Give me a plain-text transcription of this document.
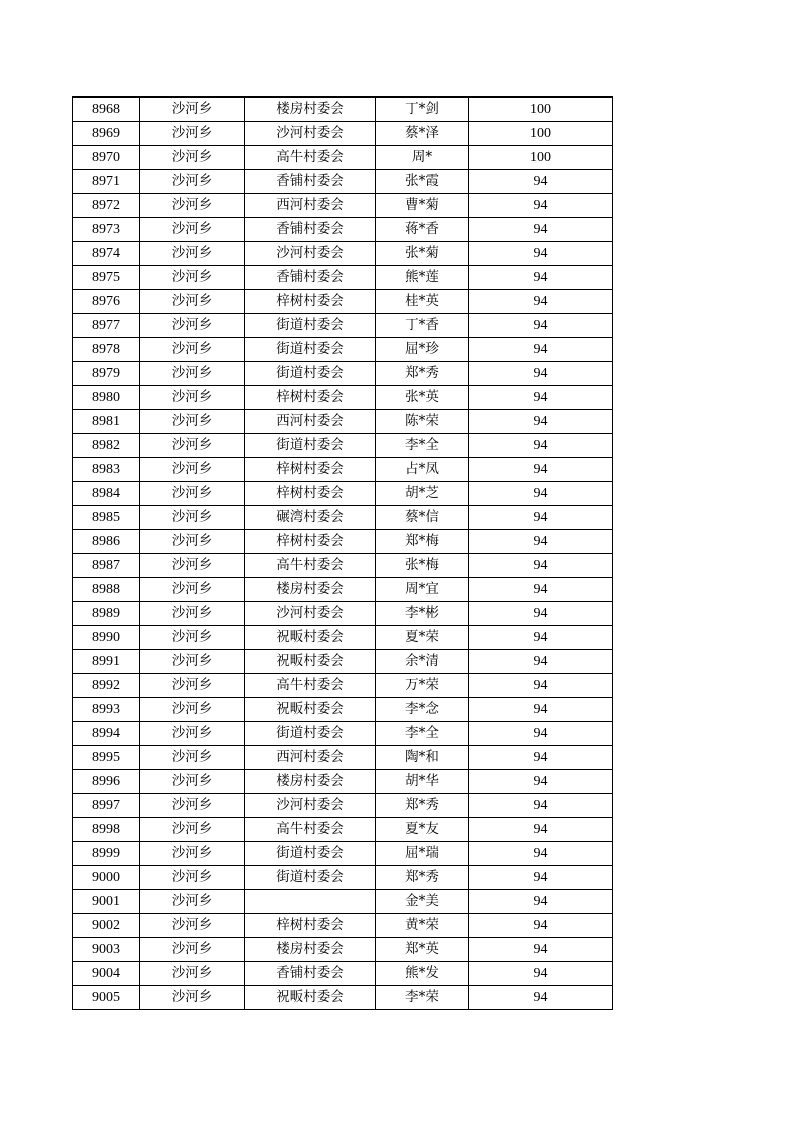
8968	沙河乡	楼房村委会	丁*剑	100
8969	沙河乡	沙河村委会	蔡*泽	100
8970	沙河乡	高牛村委会	周*	100
8971	沙河乡	香铺村委会	张*霞	94
8972	沙河乡	西河村委会	曹*菊	94
8973	沙河乡	香铺村委会	蒋*香	94
8974	沙河乡	沙河村委会	张*菊	94
8975	沙河乡	香铺村委会	熊*莲	94
8976	沙河乡	梓树村委会	桂*英	94
8977	沙河乡	街道村委会	丁*香	94
8978	沙河乡	街道村委会	屈*珍	94
8979	沙河乡	街道村委会	郑*秀	94
8980	沙河乡	梓树村委会	张*英	94
8981	沙河乡	西河村委会	陈*荣	94
8982	沙河乡	街道村委会	李*全	94
8983	沙河乡	梓树村委会	占*凤	94
8984	沙河乡	梓树村委会	胡*芝	94
8985	沙河乡	碾湾村委会	蔡*信	94
8986	沙河乡	梓树村委会	郑*梅	94
8987	沙河乡	高牛村委会	张*梅	94
8988	沙河乡	楼房村委会	周*宜	94
8989	沙河乡	沙河村委会	李*彬	94
8990	沙河乡	祝畈村委会	夏*荣	94
8991	沙河乡	祝畈村委会	余*清	94
8992	沙河乡	高牛村委会	万*荣	94
8993	沙河乡	祝畈村委会	李*念	94
8994	沙河乡	街道村委会	李*全	94
8995	沙河乡	西河村委会	陶*和	94
8996	沙河乡	楼房村委会	胡*华	94
8997	沙河乡	沙河村委会	郑*秀	94
8998	沙河乡	高牛村委会	夏*友	94
8999	沙河乡	街道村委会	屈*瑞	94
9000	沙河乡	街道村委会	郑*秀	94
9001	沙河乡		金*美	94
9002	沙河乡	梓树村委会	黄*荣	94
9003	沙河乡	楼房村委会	郑*英	94
9004	沙河乡	香铺村委会	熊*发	94
9005	沙河乡	祝畈村委会	李*荣	94
